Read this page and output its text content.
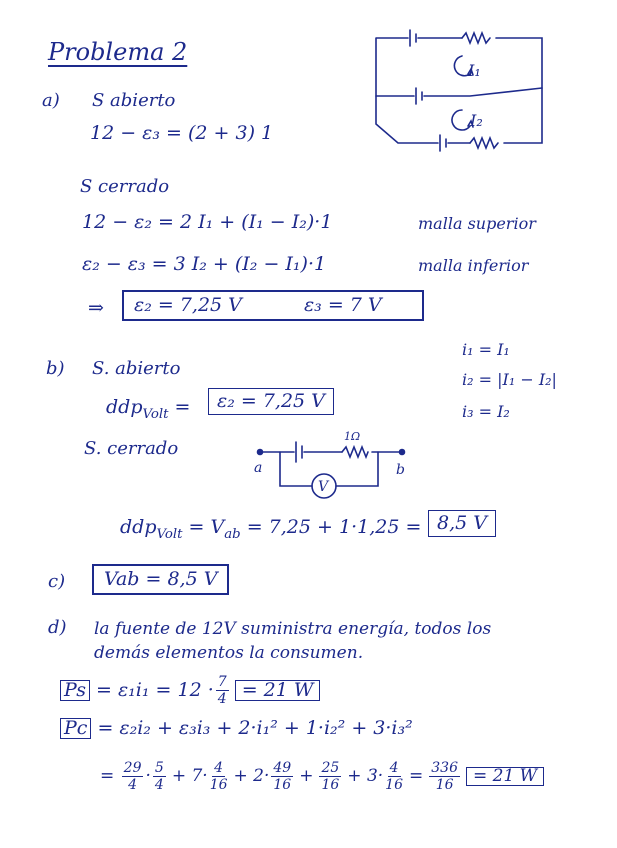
Problema 2
I₁
I₂
a) S abierto
12 − ε₃ = (2 + 3) 1
S cerrado
12 − ε₂ = 2 I₁ + (I₁ − I₂)·1	malla superior
ε₂ − ε₃ = 3 I₂ + (I₂ − I₁)·1	malla inferior
⇒	ε₂ = 7,25 V	ε₃ = 7 V
i₁ = I₁
i₂ = |I₁ − I₂|
i₃ = I₂
b) S. abierto
ddp$_{Volt}$ =	ε₂ = 7,25 V
S. cerrado
V
1Ω
a	b
$ddp_{Volt} = V_{ab} = 7,25 + 1\cdot 1,25 = 8,5$ V
c)	Vab = 8,5 V
d) la fuente de 12V suministra energía, todos los
demás elementos la consumen.
$Ps = \varepsilon_1i_1 = 12 \cdot \frac{7}{4} = 21$ W
Pc = ε₂i₂ + ε₃i₃ + 2·i₁² + 1·i₂² + 3·i₃²
= $\frac{29}{4} \cdot \frac{5}{4} + 7\cdot \frac{4}{16} + 2\cdot \frac{49}{16} + \frac{25}{16} + 3\cdot \frac{4}{16} = \frac{336}{16} = 21$ W
